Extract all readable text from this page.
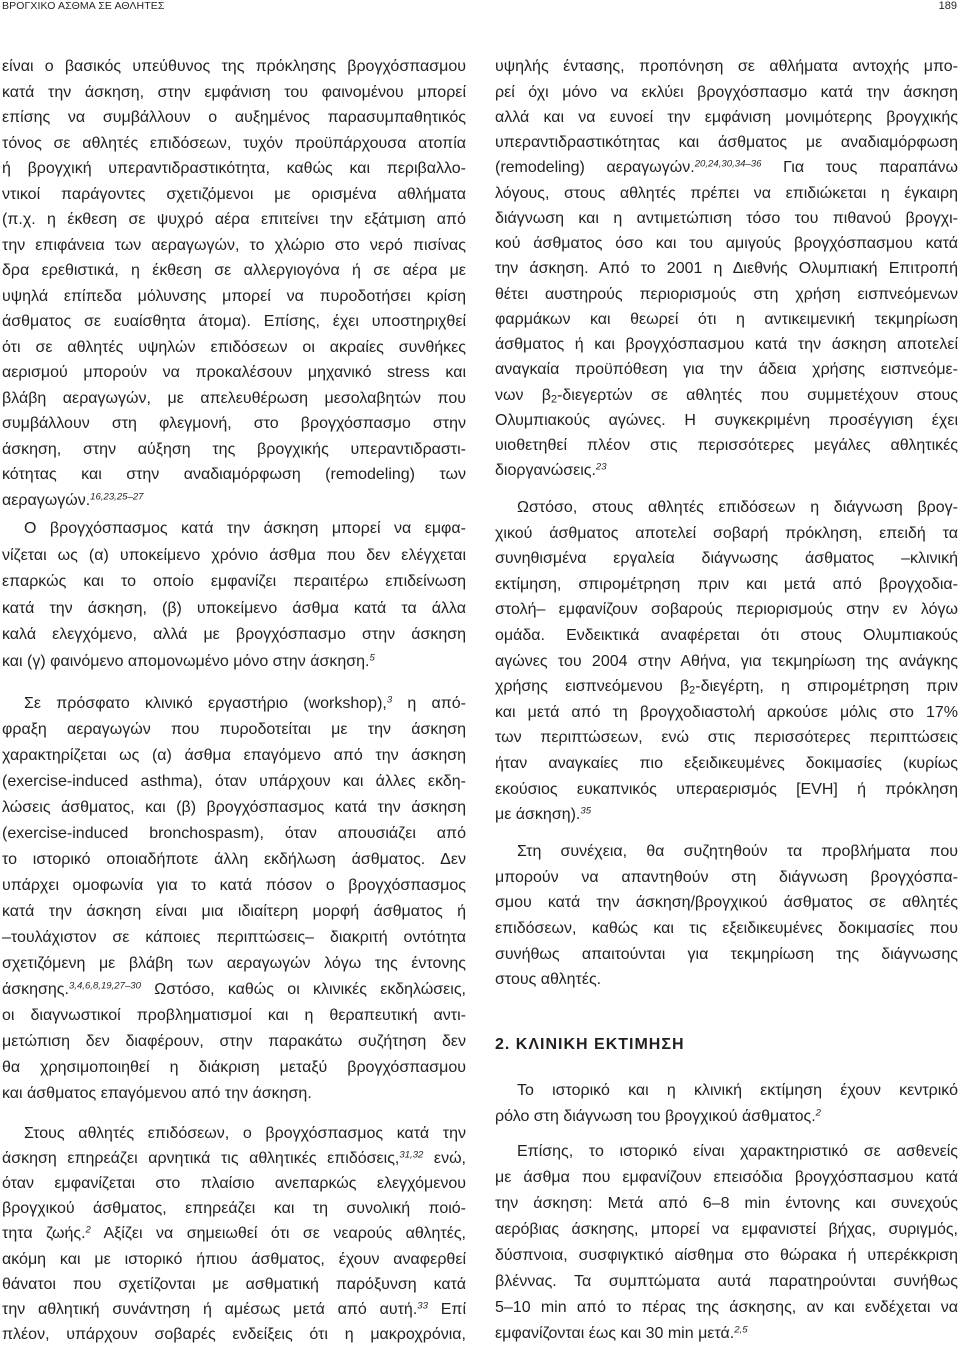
ΒΡΟΓΧΙΚΟ ΑΣΘΜΑ ΣΕ ΑΘΛΗΤΕΣ	189
είναι ο βασικός υπεύθυνος της πρόκλησης βρογχόσπασμου
κατά την άσκηση, στην εμφάνιση του φαινομένου μπορεί
επίσης να συμβάλλουν ο αυξημένος παρασυμπαθητικός
τόνος σε αθλητές επιδόσεων, τυχόν προϋπάρχουσα ατοπία
ή βρογχική υπεραντιδραστικότητα, καθώς και περιβαλλο-
ντικοί παράγοντες σχετιζόμενοι με ορισμένα αθλήματα
(π.χ. η έκθεση σε ψυχρό αέρα επιτείνει την εξάτμιση από
την επιφάνεια των αεραγωγών, το χλώριο στο νερό πισίνας
δρα ερεθιστικά, η έκθεση σε αλλεργιογόνα ή σε αέρα με
υψηλά επίπεδα μόλυνσης μπορεί να πυροδοτήσει κρίση
άσθματος σε ευαίσθητα άτομα). Επίσης, έχει υποστηριχθεί
ότι σε αθλητές υψηλών επιδόσεων οι ακραίες συνθήκες
αερισμού μπορούν να προκαλέσουν μηχανικό stress και
βλάβη αεραγωγών, με απελευθέρωση μεσολαβητών που
συμβάλλουν στη φλεγμονή, στο βρογχόσπασμο στην
άσκηση, στην αύξηση της βρογχικής υπεραντιδραστι-
κότητας και στην αναδιαμόρφωση (remodeling) των
αεραγωγών.$^{16,23,25-27}$
Ο βρογχόσπασμος κατά την άσκηση μπορεί να εμφα-
νίζεται ως (α) υποκείμενο χρόνιο άσθμα που δεν ελέγχεται
επαρκώς και το οποίο εμφανίζει περαιτέρω επιδείνωση
κατά την άσκηση, (β) υποκείμενο άσθμα κατά τα άλλα
καλά ελεγχόμενο, αλλά με βρογχόσπασμο στην άσκηση
και (γ) φαινόμενο απομονωμένο μόνο στην άσκηση.$^5$
Σε πρόσφατο κλινικό εργαστήριο (workshop),$^3$ η από-
φραξη αεραγωγών που πυροδοτείται με την άσκηση
χαρακτηρίζεται ως (α) άσθμα επαγόμενο από την άσκηση
(exercise-induced asthma), όταν υπάρχουν και άλλες εκδη-
λώσεις άσθματος, και (β) βρογχόσπασμος κατά την άσκηση
(exercise-induced bronchospasm), όταν απουσιάζει από
το ιστορικό οποιαδήποτε άλλη εκδήλωση άσθματος. Δεν
υπάρχει ομοφωνία για το κατά πόσον ο βρογχόσπασμος
κατά την άσκηση είναι μια ιδιαίτερη μορφή άσθματος ή
–τουλάχιστον σε κάποιες περιπτώσεις– διακριτή οντότητα
σχετιζόμενη με βλάβη των αεραγωγών λόγω της έντονης
άσκησης.$^{3,4,6,8,19,27-30}$ Ωστόσο, καθώς οι κλινικές εκδηλώσεις,
οι διαγνωστικοί προβληματισμοί και η θεραπευτική αντι-
μετώπιση δεν διαφέρουν, στην παρακάτω συζήτηση δεν
θα χρησιμοποιηθεί η διάκριση μεταξύ βρογχόσπασμου
και άσθματος επαγόμενου από την άσκηση.
Στους αθλητές επιδόσεων, ο βρογχόσπασμος κατά την
άσκηση επηρεάζει αρνητικά τις αθλητικές επιδόσεις,$^{31,32}$ ενώ,
όταν εμφανίζεται στο πλαίσιο ανεπαρκώς ελεγχόμενου
βρογχικού άσθματος, επηρεάζει και τη συνολική ποιό-
τητα ζωής.$^2$ Αξίζει να σημειωθεί ότι σε νεαρούς αθλητές,
ακόμη και με ιστορικό ήπιου άσθματος, έχουν αναφερθεί
θάνατοι που σχετίζονται με ασθματική παρόξυνση κατά
την αθλητική συνάντηση ή αμέσως μετά από αυτή.$^{33}$ Επί
πλέον, υπάρχουν σοβαρές ενδείξεις ότι η μακροχρόνια,
υψηλής έντασης, προπόνηση σε αθλήματα αντοχής μπο-
ρεί όχι μόνο να εκλύει βρογχόσπασμο κατά την άσκηση
αλλά και να ευνοεί την εμφάνιση μονιμότερης βρογχικής
υπεραντιδραστικότητας και άσθματος με αναδιαμόρφωση
(remodeling) αεραγωγών.$^{20,24,30,34-36}$ Για τους παραπάνω
λόγους, στους αθλητές πρέπει να επιδιώκεται η έγκαιρη
διάγνωση και η αντιμετώπιση τόσο του πιθανού βρογχι-
κού άσθματος όσο και του αμιγούς βρογχόσπασμου κατά
την άσκηση. Από το 2001 η Διεθνής Ολυμπιακή Επιτροπή
θέτει αυστηρούς περιορισμούς στη χρήση εισπνεόμενων
φαρμάκων και θεωρεί ότι η αντικειμενική τεκμηρίωση
άσθματος ή και βρογχόσπασμου κατά την άσκηση αποτελεί
αναγκαία προϋπόθεση για την άδεια χρήσης εισπνεόμε-
νων $\beta_2$-διεγερτών σε αθλητές που συμμετέχουν στους
Ολυμπιακούς αγώνες. Η συγκεκριμένη προσέγγιση έχει
υιοθετηθεί πλέον στις περισσότερες μεγάλες αθλητικές
διοργανώσεις.$^{23}$
Ωστόσο, στους αθλητές επιδόσεων η διάγνωση βρογ-
χικού άσθματος αποτελεί σοβαρή πρόκληση, επειδή τα
συνηθισμένα εργαλεία διάγνωσης άσθματος –κλινική
εκτίμηση, σπιρομέτρηση πριν και μετά από βρογχοδια-
στολή– εμφανίζουν σοβαρούς περιορισμούς στην εν λόγω
ομάδα. Ενδεικτικά αναφέρεται ότι στους Ολυμπιακούς
αγώνες του 2004 στην Αθήνα, για τεκμηρίωση της ανάγκης
χρήσης εισπνεόμενου $\beta_2$-διεγέρτη, η σπιρομέτρηση πριν
και μετά από τη βρογχοδιαστολή αρκούσε μόλις στο 17%
των περιπτώσεων, ενώ στις περισσότερες περιπτώσεις
ήταν αναγκαίες πιο εξειδικευμένες δοκιμασίες (κυρίως
εκούσιος ευκαπνικός υπεραερισμός [EVH] ή πρόκληση
με άσκηση).$^{35}$
Στη συνέχεια, θα συζητηθούν τα προβλήματα που
μπορούν να απαντηθούν στη διάγνωση βρογχόσπα-
σμου κατά την άσκηση/βρογχικού άσθματος σε αθλητές
επιδόσεων, καθώς και τις εξειδικευμένες δοκιμασίες που
συνήθως απαιτούνται για τεκμηρίωση της διάγνωσης
στους αθλητές.
2. ΚΛΙΝΙΚΗ ΕΚΤΙΜΗΣΗ
Το ιστορικό και η κλινική εκτίμηση έχουν κεντρικό
ρόλο στη διάγνωση του βρογχικού άσθματος.$^2$
Επίσης, το ιστορικό είναι χαρακτηριστικό σε ασθενείς
με άσθμα που εμφανίζουν επεισόδια βρογχόσπασμου κατά
την άσκηση: Μετά από 6–8 min έντονης και συνεχούς
αερόβιας άσκησης, μπορεί να εμφανιστεί βήχας, συριγμός,
δύσπνοια, συσφιγκτικό αίσθημα στο θώρακα ή υπερέκκριση
βλέννας. Τα συμπτώματα αυτά παρατηρούνται συνήθως
5–10 min από το πέρας της άσκησης, αν και ενδέχεται να
εμφανίζονται έως και 30 min μετά.$^{2,5}$
